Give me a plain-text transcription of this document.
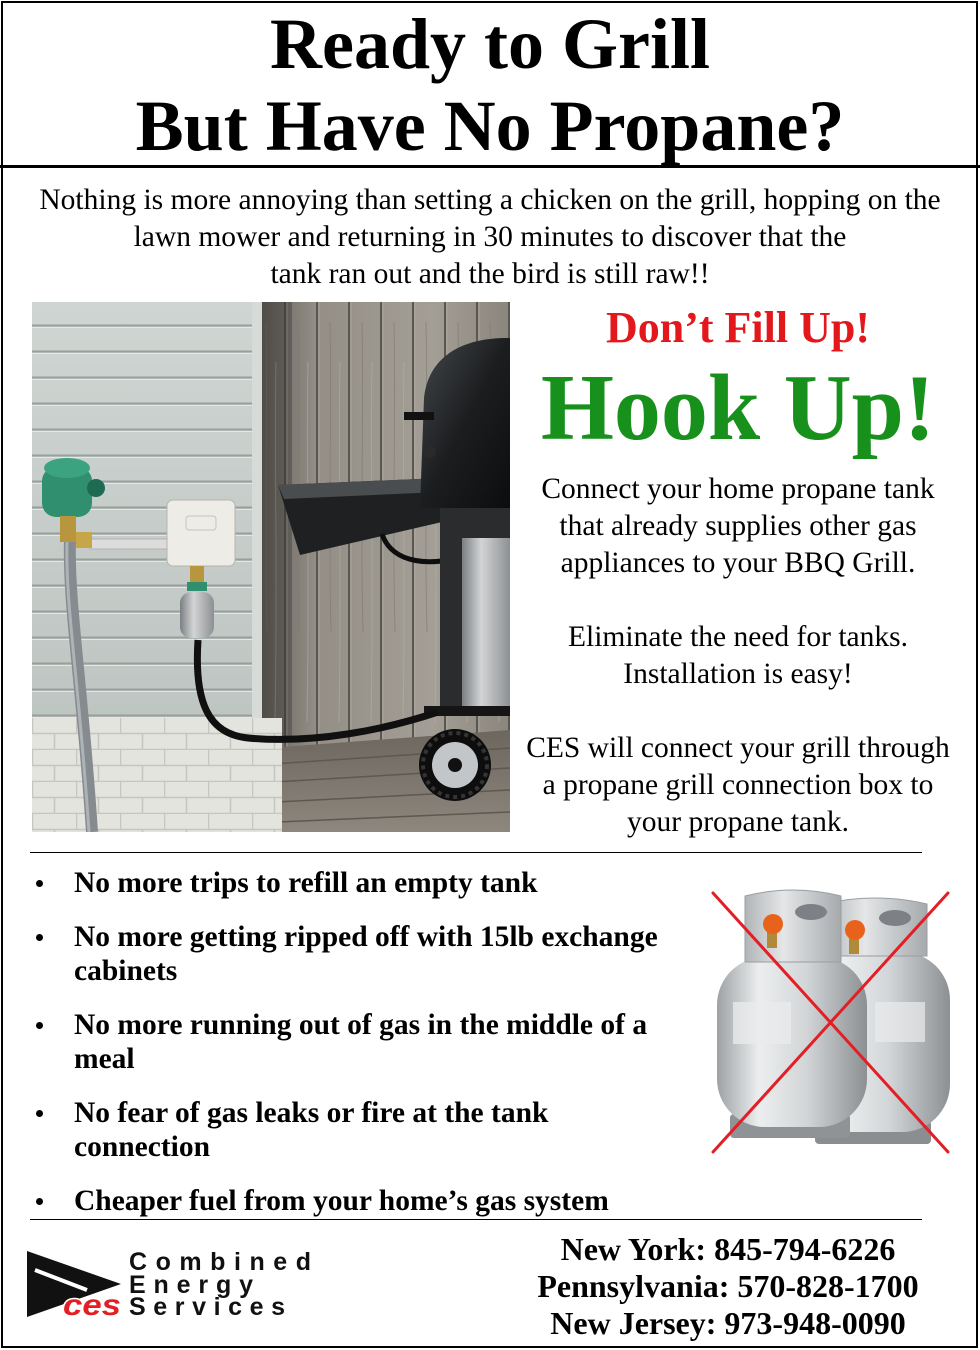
Ready to Grill
But Have No Propane?
Nothing is more annoying than setting a chicken on the grill, hopping on the
lawn mower and returning in 30 minutes to discover that the
tank ran out and the bird is still raw!!
Don’t Fill Up!
Hook Up!

Connect your home propane tank
that already supplies other gas
appliances to your BBQ Grill.

Eliminate the need for tanks.
Installation is easy!

CES will connect your grill through
a propane grill connection box to
your propane tank.

No more trips to refill an empty tank
No more getting ripped off with 15lb exchange
cabinets
No more running out of gas in the middle of a
meal
No fear of gas leaks or fire at the tank
connection
Cheaper fuel from your home’s gas system
ces
Combined
Energy
Services
New York: 845-794-6226
Pennsylvania: 570-828-1700
New Jersey: 973-948-0090
